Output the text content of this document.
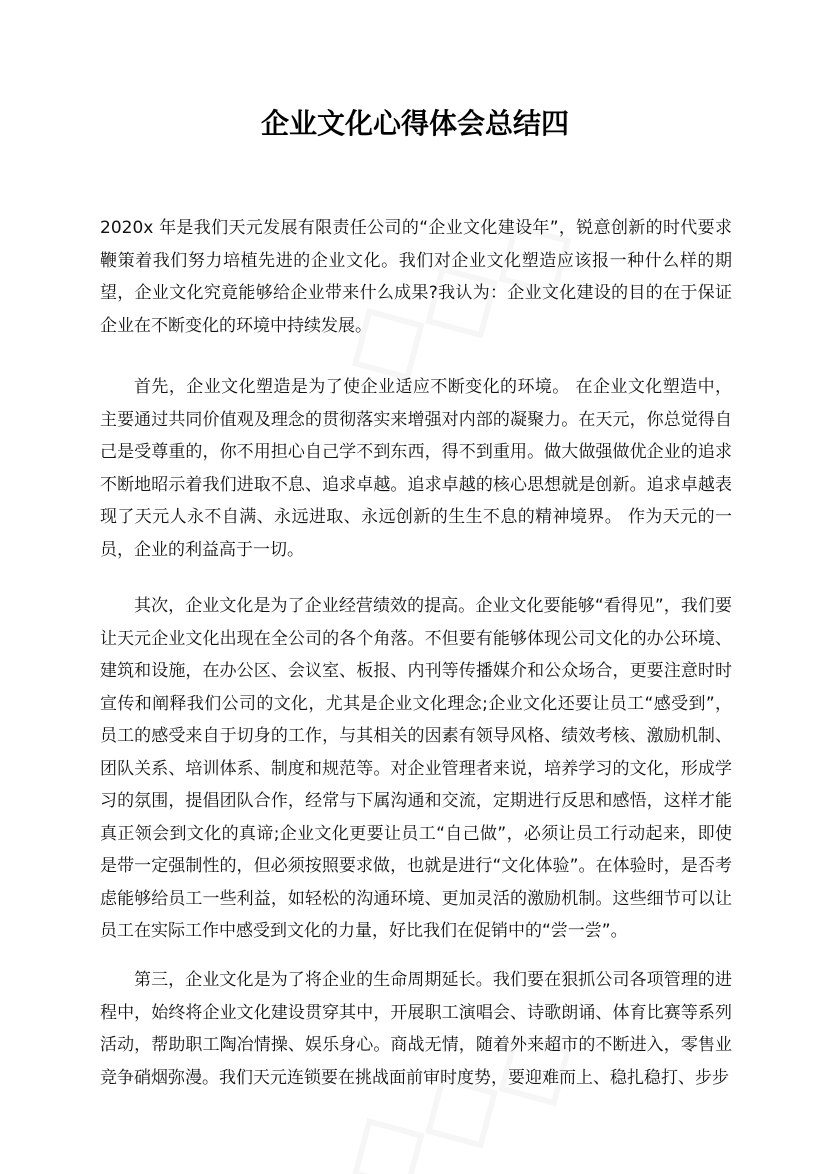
企业文化心得体会总结四

2020x 年是我们天元发展有限责任公司的“企业文化建设年”，锐意创新的时代要求鞭策着我们努力培植先进的企业文化。我们对企业文化塑造应该报一种什么样的期望，企业文化究竟能够给企业带来什么成果?我认为：企业文化建设的目的在于保证企业在不断变化的环境中持续发展。

首先，企业文化塑造是为了使企业适应不断变化的环境。 在企业文化塑造中，主要通过共同价值观及理念的贯彻落实来增强对内部的凝聚力。在天元，你总觉得自己是受尊重的，你不用担心自己学不到东西，得不到重用。做大做强做优企业的追求不断地昭示着我们进取不息、追求卓越。追求卓越的核心思想就是创新。追求卓越表现了天元人永不自满、永远进取、永远创新的生生不息的精神境界。 作为天元的一员，企业的利益高于一切。

其次，企业文化是为了企业经营绩效的提高。企业文化要能够“看得见”，我们要让天元企业文化出现在全公司的各个角落。不但要有能够体现公司文化的办公环境、建筑和设施，在办公区、会议室、板报、内刊等传播媒介和公众场合，更要注意时时宣传和阐释我们公司的文化，尤其是企业文化理念;企业文化还要让员工“感受到”，员工的感受来自于切身的工作，与其相关的因素有领导风格、绩效考核、激励机制、团队关系、培训体系、制度和规范等。对企业管理者来说，培养学习的文化，形成学习的氛围，提倡团队合作，经常与下属沟通和交流，定期进行反思和感悟，这样才能真正领会到文化的真谛;企业文化更要让员工“自己做”，必须让员工行动起来，即使是带一定强制性的，但必须按照要求做，也就是进行“文化体验”。在体验时，是否考虑能够给员工一些利益，如轻松的沟通环境、更加灵活的激励机制。这些细节可以让员工在实际工作中感受到文化的力量，好比我们在促销中的“尝一尝”。

第三，企业文化是为了将企业的生命周期延长。我们要在狠抓公司各项管理的进程中，始终将企业文化建设贯穿其中，开展职工演唱会、诗歌朗诵、体育比赛等系列活动，帮助职工陶冶情操、娱乐身心。商战无情，随着外来超市的不断进入，零售业竞争硝烟弥漫。我们天元连锁要在挑战面前审时度势，要迎难而上、稳扎稳打、步步
